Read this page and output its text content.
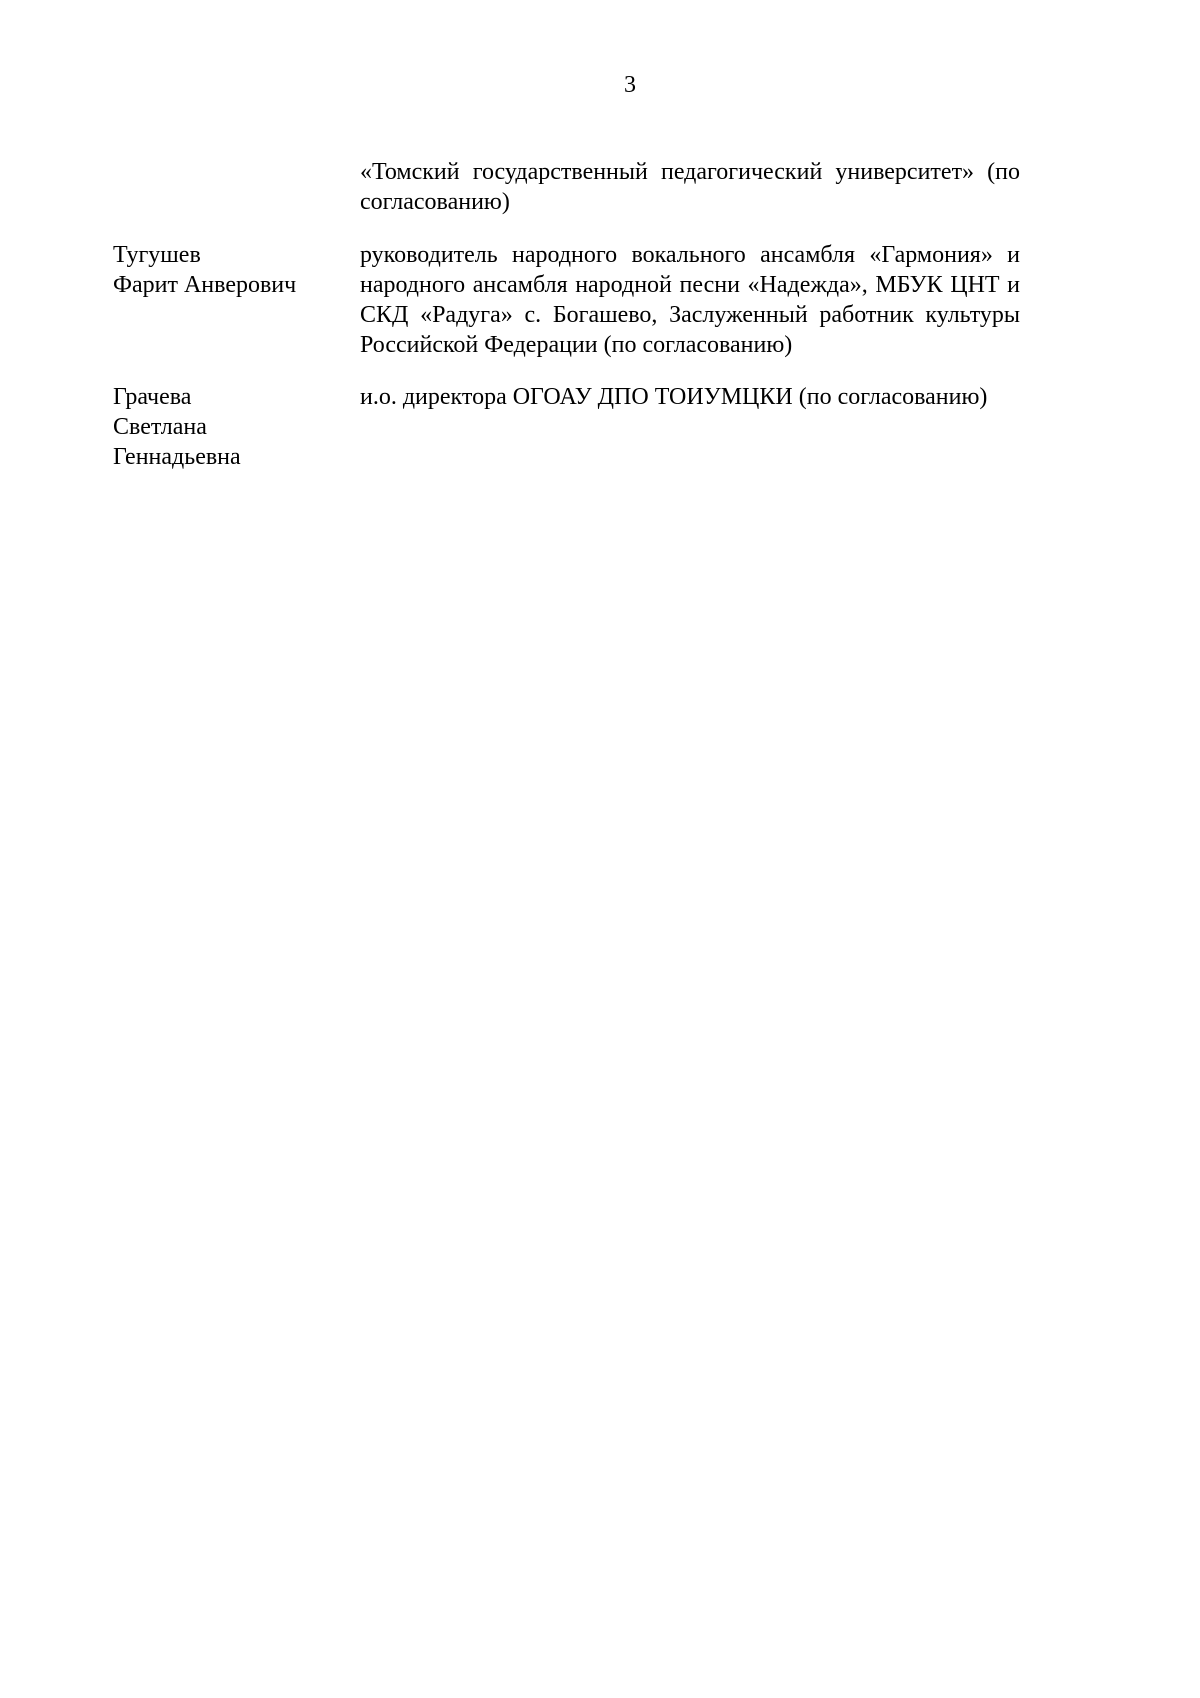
3
«Томский государственный педагогический университет» (по согласованию)
Тугушев
Фарит Анверович
руководитель народного вокального ансамбля «Гармония» и народного ансамбля народной песни «Надежда», МБУК ЦНТ и СКД «Радуга» с. Богашево, Заслуженный работник культуры Российской Федерации (по согласованию)
Грачева
Светлана
Геннадьевна
и.о. директора ОГОАУ ДПО ТОИУМЦКИ (по согласованию)
